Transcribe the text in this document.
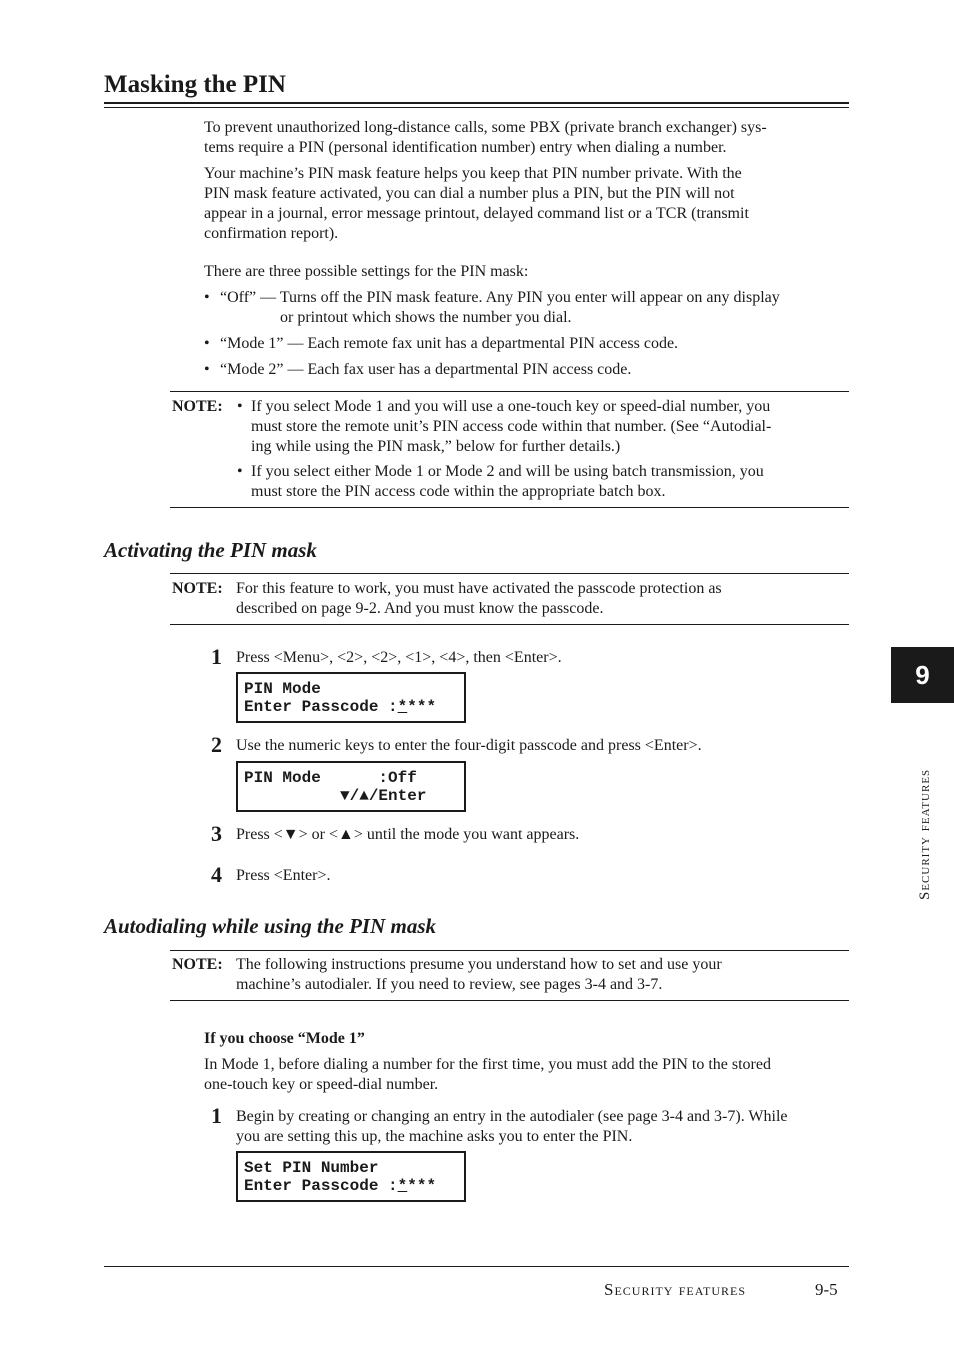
Masking the PIN
To prevent unauthorized long-distance calls, some PBX (private branch exchanger) sys-
tems require a PIN (personal identification number) entry when dialing a number.
Your machine’s PIN mask feature helps you keep that PIN number private. With the
PIN mask feature activated, you can dial a number plus a PIN, but the PIN will not
appear in a journal, error message printout, delayed command list or a TCR (transmit
confirmation report).
There are three possible settings for the PIN mask:
• “Off” — Turns off the PIN mask feature. Any PIN you enter will appear on any display
or printout which shows the number you dial.
• “Mode 1” — Each remote fax unit has a departmental PIN access code.
• “Mode 2” — Each fax user has a departmental PIN access code.
NOTE: • If you select Mode 1 and you will use a one-touch key or speed-dial number, you
must store the remote unit’s PIN access code within that number. (See “Autodial-
ing while using the PIN mask,” below for further details.)
• If you select either Mode 1 or Mode 2 and will be using batch transmission, you
must store the PIN access code within the appropriate batch box.
Activating the PIN mask
NOTE: For this feature to work, you must have activated the passcode protection as
described on page 9-2. And you must know the passcode.
1 Press <Menu>, <2>, <2>, <1>, <4>, then <Enter>.
PIN Mode
Enter Passcode :****
2 Use the numeric keys to enter the four-digit passcode and press <Enter>.
PIN Mode      :Off
▼/▲/Enter
3 Press <▼> or <▲> until the mode you want appears.
4 Press <Enter>.
Autodialing while using the PIN mask
NOTE: The following instructions presume you understand how to set and use your
machine’s autodialer. If you need to review, see pages 3-4 and 3-7.
If you choose “Mode 1”
In Mode 1, before dialing a number for the first time, you must add the PIN to the stored
one-touch key or speed-dial number.
1 Begin by creating or changing an entry in the autodialer (see page 3-4 and 3-7). While
you are setting this up, the machine asks you to enter the PIN.
Set PIN Number
Enter Passcode :****
9
Security features
Security features	9-5
